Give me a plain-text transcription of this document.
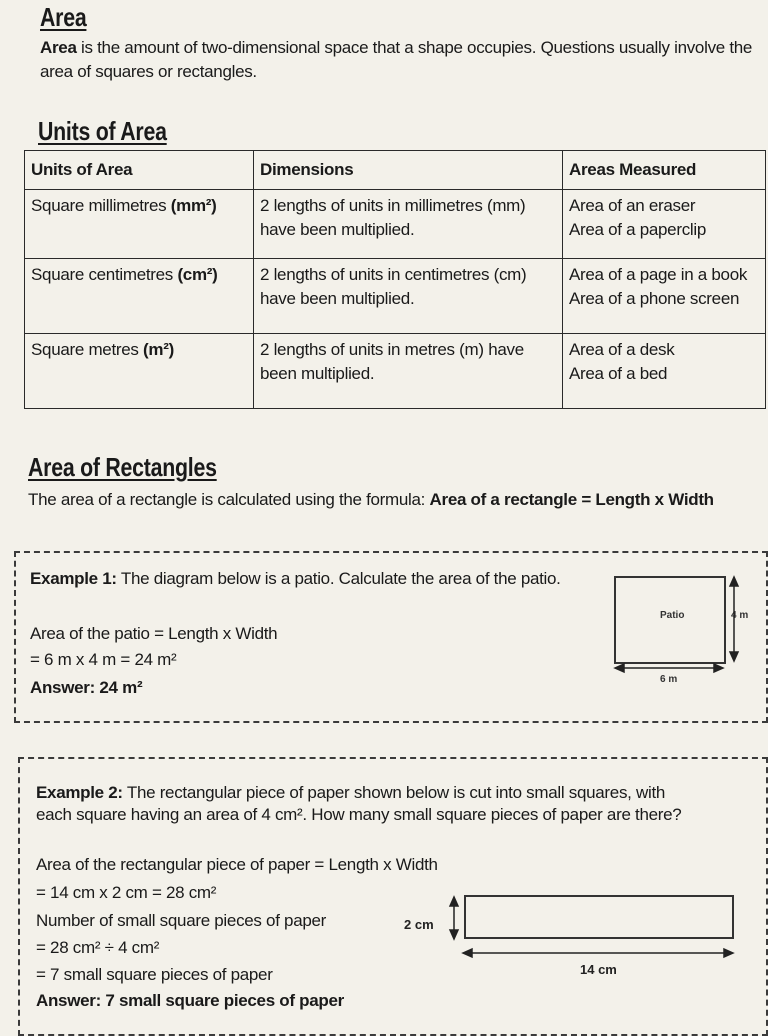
Area

Area is the amount of two-dimensional space that a shape occupies. Questions usually involve the area of squares or rectangles.

Units of Area
Units of Area	Dimensions	Areas Measured
Square millimetres (mm²)	2 lengths of units in millimetres (mm) have been multiplied.	Area of an eraser
Area of a paperclip

Square centimetres (cm²)	2 lengths of units in centimetres (cm) have been multiplied.	Area of a page in a book
Area of a phone screen

Square metres (m²)	2 lengths of units in metres (m) have been multiplied.	Area of a desk
Area of a bed
Area of Rectangles

The area of a rectangle is calculated using the formula: Area of a rectangle = Length x Width

Example 1: The diagram below is a patio. Calculate the area of the patio.

Area of the patio = Length x Width

= 6 m x 4 m = 24 m²

Answer: 24 m²

Patio	4 m
6 m

Example 2: The rectangular piece of paper shown below is cut into small squares, with

each square having an area of 4 cm². How many small square pieces of paper are there?

Area of the rectangular piece of paper = Length x Width

= 14 cm x 2 cm = 28 cm²

Number of small square pieces of paper

= 28 cm² ÷ 4 cm²

= 7 small square pieces of paper

Answer: 7 small square pieces of paper

2 cm
14 cm
